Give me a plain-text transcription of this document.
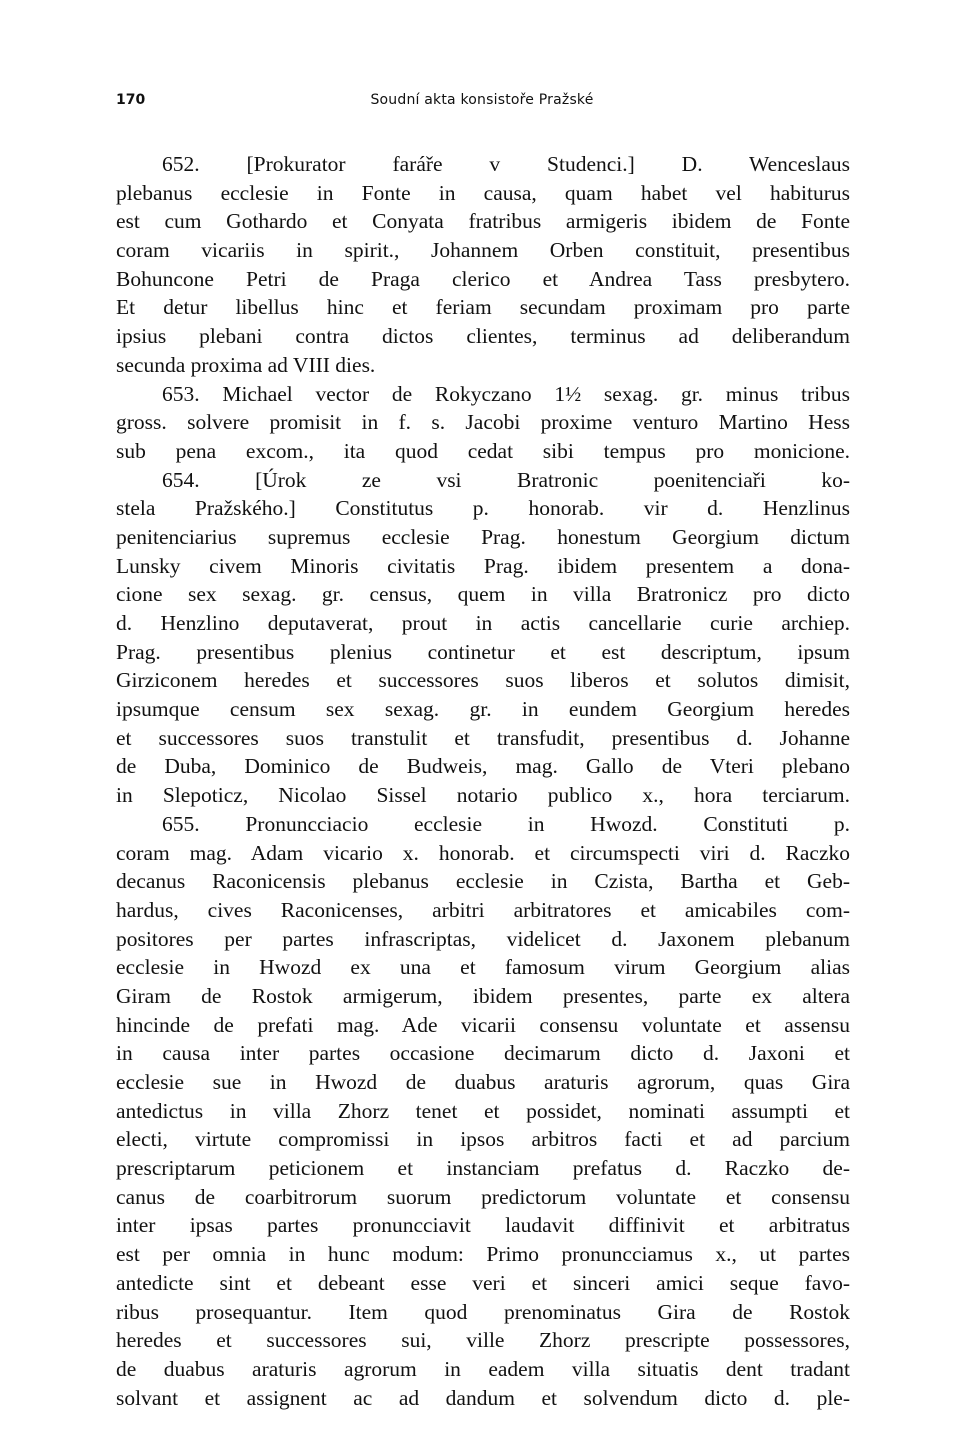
170	Soudní akta konsistoře Pražské
652. [Prokurator faráře v Studenci.] D. Wenceslaus
plebanus ecclesie in Fonte in causa, quam habet vel habiturus
est cum Gothardo et Conyata fratribus armigeris ibidem de Fonte
coram vicariis in spirit., Johannem Orben constituit, presentibus
Bohuncone Petri de Praga clerico et Andrea Tass presbytero.
Et detur libellus hinc et feriam secundam proximam pro parte
ipsius plebani contra dictos clientes, terminus ad deliberandum
secunda proxima ad VIII dies.
653. Michael vector de Rokyczano 1½ sexag. gr. minus tribus
gross. solvere promisit in f. s. Jacobi proxime venturo Martino Hess
sub pena excom., ita quod cedat sibi tempus pro monicione.
654. [Úrok ze vsi Bratronic poenitenciaři ko-
stela Pražského.] Constitutus p. honorab. vir d. Henzlinus
penitenciarius supremus ecclesie Prag. honestum Georgium dictum
Lunsky civem Minoris civitatis Prag. ibidem presentem a dona-
cione sex sexag. gr. census, quem in villa Bratronicz pro dicto
d. Henzlino deputaverat, prout in actis cancellarie curie archiep.
Prag. presentibus plenius continetur et est descriptum, ipsum
Girziconem heredes et successores suos liberos et solutos dimisit,
ipsumque censum sex sexag. gr. in eundem Georgium heredes
et successores suos transtulit et transfudit, presentibus d. Johanne
de Duba, Dominico de Budweis, mag. Gallo de Vteri plebano
in Slepoticz, Nicolao Sissel notario publico x., hora terciarum.
655. Pronuncciacio ecclesie in Hwozd. Constituti p.
coram mag. Adam vicario x. honorab. et circumspecti viri d. Raczko
decanus Raconicensis plebanus ecclesie in Czista, Bartha et Geb-
hardus, cives Raconicenses, arbitri arbitratores et amicabiles com-
positores per partes infrascriptas, videlicet d. Jaxonem plebanum
ecclesie in Hwozd ex una et famosum virum Georgium alias
Giram de Rostok armigerum, ibidem presentes, parte ex altera
hincinde de prefati mag. Ade vicarii consensu voluntate et assensu
in causa inter partes occasione decimarum dicto d. Jaxoni et
ecclesie sue in Hwozd de duabus araturis agrorum, quas Gira
antedictus in villa Zhorz tenet et possidet, nominati assumpti et
electi, virtute compromissi in ipsos arbitros facti et ad parcium
prescriptarum peticionem et instanciam prefatus d. Raczko de-
canus de coarbitrorum suorum predictorum voluntate et consensu
inter ipsas partes pronuncciavit laudavit diffinivit et arbitratus
est per omnia in hunc modum: Primo pronuncciamus x., ut partes
antedicte sint et debeant esse veri et sinceri amici seque favo-
ribus prosequantur. Item quod prenominatus Gira de Rostok
heredes et successores sui, ville Zhorz prescripte possessores,
de duabus araturis agrorum in eadem villa situatis dent tradant
solvant et assignent ac ad dandum et solvendum dicto d. ple-
